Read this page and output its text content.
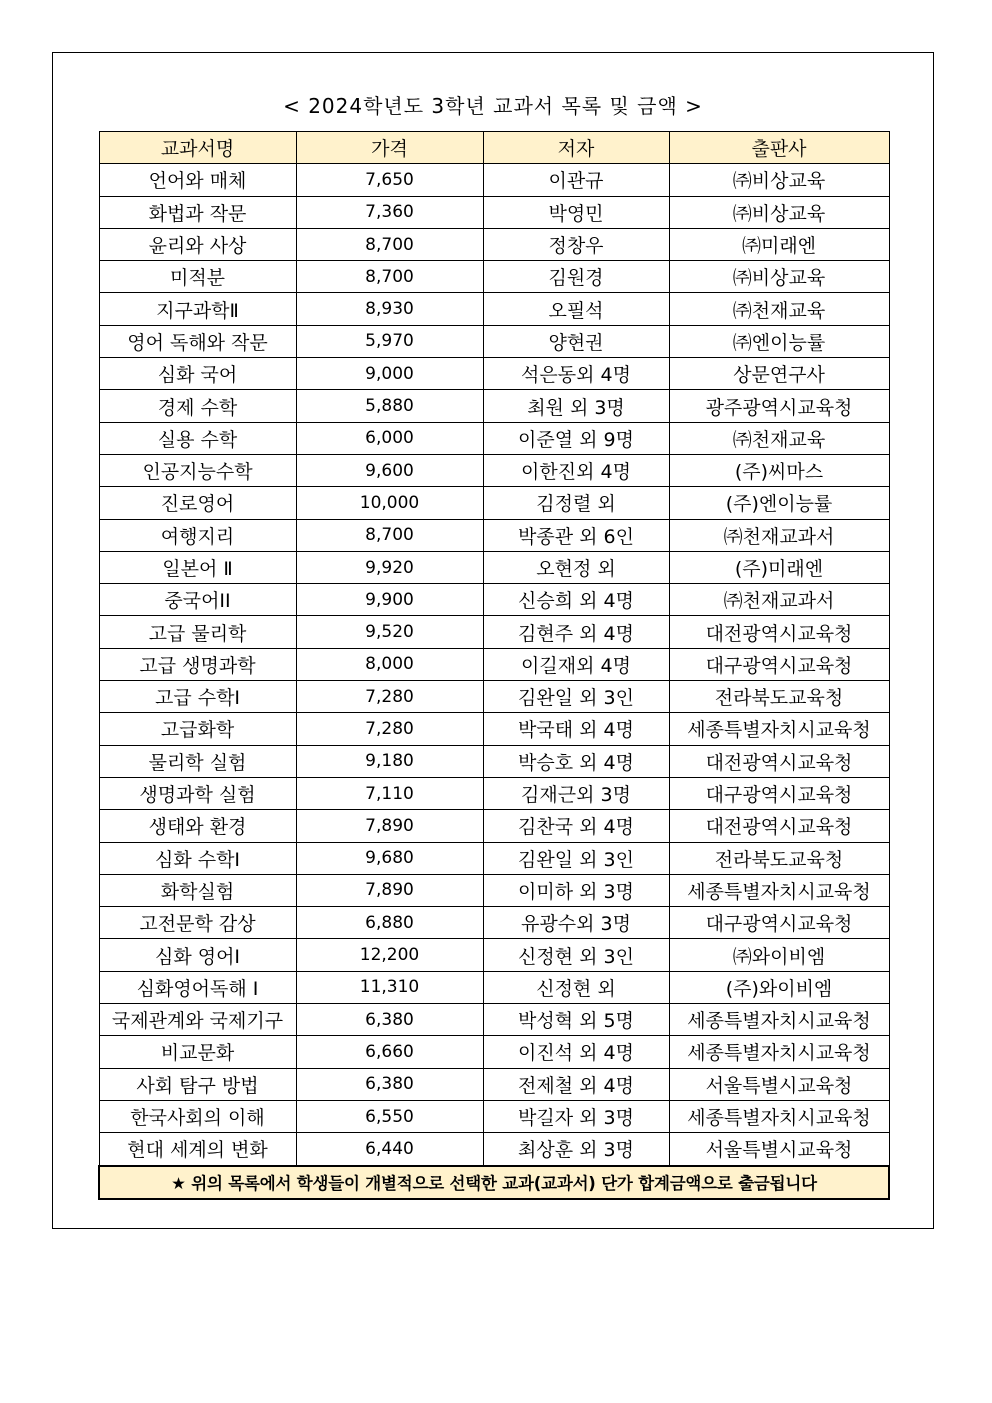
< 2024학년도 3학년 교과서 목록 및 금액 >
교과서명	가격	저자	출판사
언어와 매체	7,650	이관규	㈜비상교육
화법과 작문	7,360	박영민	㈜비상교육
윤리와 사상	8,700	정창우	㈜미래엔
미적분	8,700	김원경	㈜비상교육
지구과학Ⅱ	8,930	오필석	㈜천재교육
영어 독해와 작문	5,970	양현권	㈜엔이능률
심화 국어	9,000	석은동외 4명	상문연구사
경제 수학	5,880	최원 외 3명	광주광역시교육청
실용 수학	6,000	이준열 외 9명	㈜천재교육
인공지능수학	9,600	이한진외 4명	(주)씨마스
진로영어	10,000	김정렬 외	(주)엔이능률
여행지리	8,700	박종관 외 6인	㈜천재교과서
일본어 Ⅱ	9,920	오현정 외	(주)미래엔
중국어II	9,900	신승희 외 4명	㈜천재교과서
고급 물리학	9,520	김현주 외 4명	대전광역시교육청
고급 생명과학	8,000	이길재외 4명	대구광역시교육청
고급 수학Ⅰ	7,280	김완일 외 3인	전라북도교육청
고급화학	7,280	박국태 외 4명	세종특별자치시교육청
물리학 실험	9,180	박승호 외 4명	대전광역시교육청
생명과학 실험	7,110	김재근외 3명	대구광역시교육청
생태와 환경	7,890	김찬국 외 4명	대전광역시교육청
심화 수학Ⅰ	9,680	김완일 외 3인	전라북도교육청
화학실험	7,890	이미하 외 3명	세종특별자치시교육청
고전문학 감상	6,880	유광수외 3명	대구광역시교육청
심화 영어Ⅰ	12,200	신정현 외 3인	㈜와이비엠
심화영어독해 Ⅰ	11,310	신정현 외	(주)와이비엠
국제관계와 국제기구	6,380	박성혁 외 5명	세종특별자치시교육청
비교문화	6,660	이진석 외 4명	세종특별자치시교육청
사회 탐구 방법	6,380	전제철 외 4명	서울특별시교육청
한국사회의 이해	6,550	박길자 외 3명	세종특별자치시교육청
현대 세계의 변화	6,440	최상훈 외 3명	서울특별시교육청
★ 위의 목록에서 학생들이 개별적으로 선택한 교과(교과서) 단가 합계금액으로 출금됩니다			
